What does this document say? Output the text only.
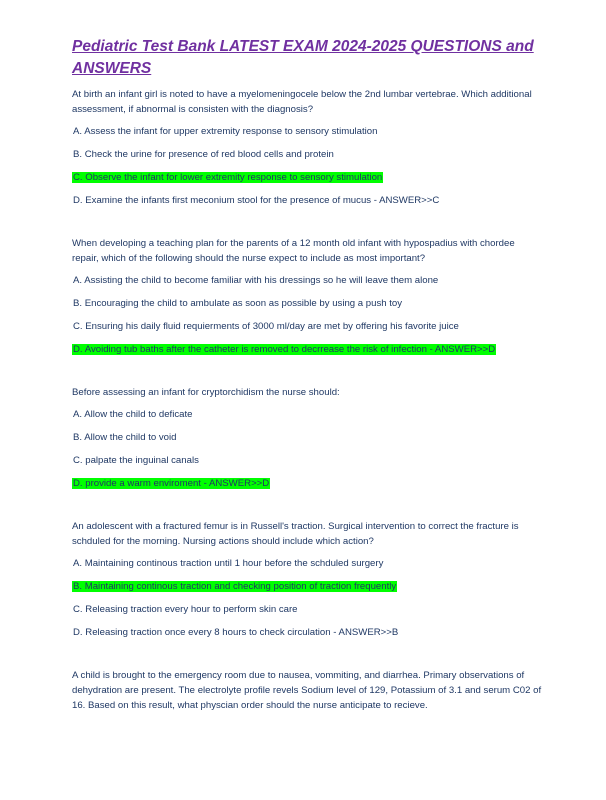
Pediatric Test Bank LATEST EXAM 2024-2025 QUESTIONS and ANSWERS

At birth an infant girl is noted to have a myelomeningocele below the 2nd lumbar vertebrae. Which additional assessment, if abnormal is consisten with the diagnosis?

A. Assess the infant for upper extremity response to sensory stimulation

B. Check the urine for presence of red blood cells and protein

C. Observe the infant for lower extremity response to sensory stimulation

D. Examine the infants first meconium stool for the presence of mucus - ANSWER>>C

When developing a teaching plan for the parents of a 12 month old infant with hypospadius with chordee repair, which of the following should the nurse expect to include as most important?

A. Assisting the child to become familiar with his dressings so he will leave them alone

B. Encouraging the child to ambulate as soon as possible by using a push toy

C. Ensuring his daily fluid requierments of 3000 ml/day are met by offering his favorite juice

D. Avoiding tub baths after the catheter is removed to decrrease the risk of infection - ANSWER>>D

Before assessing an infant for cryptorchidism the nurse should:

A. Allow the child to deficate

B. Allow the child to void

C. palpate the inguinal canals

D. provide a warm enviroment - ANSWER>>D

An adolescent with a fractured femur is in Russell's traction. Surgical intervention to correct the fracture is schduled for the morning. Nursing actions should include which action?

A. Maintaining continous traction until 1 hour before the schduled surgery

B. Maintaining continous traction and checking position of traction frequently

C. Releasing traction every hour to perform skin care

D. Releasing traction once every 8 hours to check circulation - ANSWER>>B

A child is brought to the emergency room due to nausea, vommiting, and diarrhea. Primary observations of dehydration are present. The electrolyte profile revels Sodium level of 129, Potassium of 3.1 and serum C02 of 16. Based on this result, what physcian order should the nurse anticipate to recieve.
